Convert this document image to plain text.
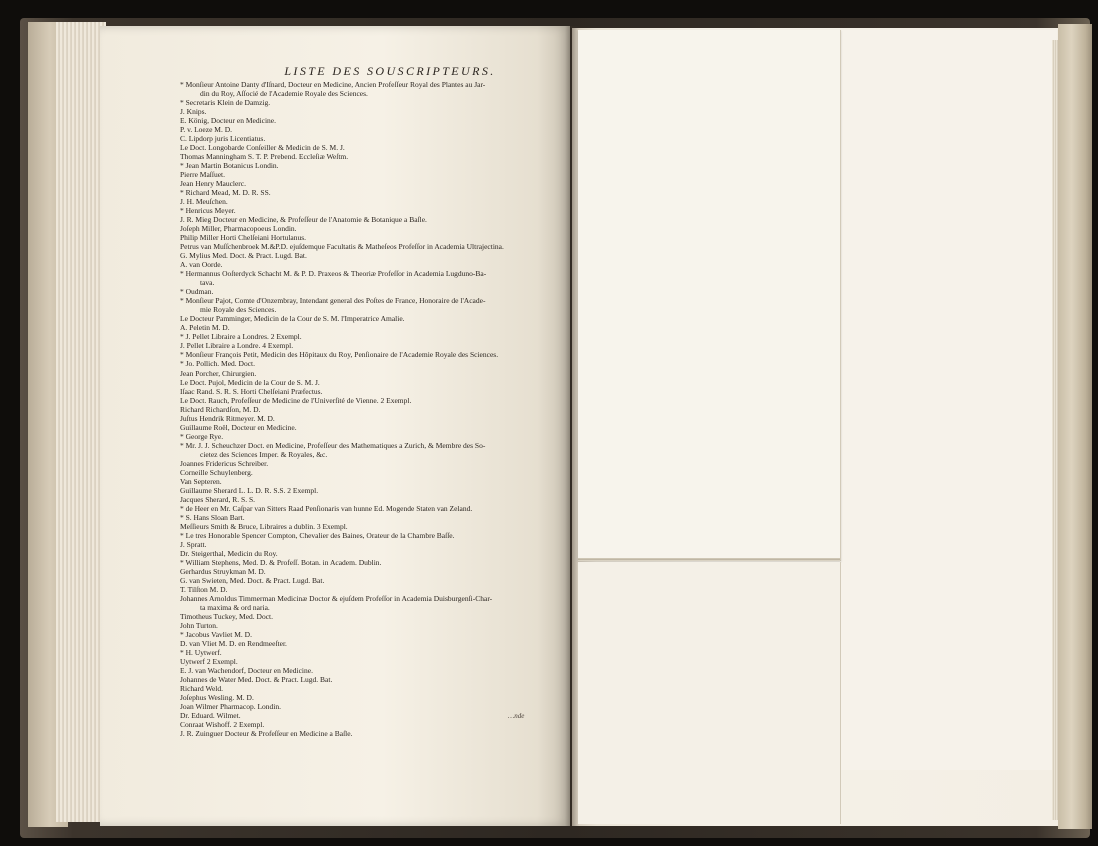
LISTE DES SOUSCRIPTEURS.
* Monſieur Antoine Danty d'Iſnard, Docteur en Medicine, Ancien Profeſſeur Royal des Plantes au Jar-
din du Roy, Aſſocié de l'Academie Royale des Sciences.
* Secretaris Klein de Damzig.
J. Knips.
E. König, Docteur en Medicine.
P. v. Loeze M. D.
C. Lipdorp juris Licentiatus.
Le Doct. Longobarde Conſeiller & Medicin de S. M. J.
Thomas Manningham S. T. P. Prebend. Eccleſiæ Weſtm.
* Jean Martin Botanicus Londin.
Pierre Maſſuet.
Jean Henry Mauclerc.
* Richard Mead, M. D. R. SS.
J. H. Meuſchen.
* Henricus Meyer.
J. R. Mieg Docteur en Medicine, & Profeſſeur de l'Anatomie & Botanique a Baſle.
Joſeph Miller, Pharmacopoeus Londin.
Philip Miller Horti Chelſeiani Hortulanus.
Petrus van Muſſchenbroek M.&P.D. ejuſdemque Facultatis & Matheſeos Profeſſor in Academia Ultrajectina.
G. Mylius Med. Doct. & Pract. Lugd. Bat.
A. van Oorde.
* Hermannus Ooſterdyck Schacht M. & P. D. Praxeos & Theoriæ Profeſſor in Academia Lugduno-Ba-
tava.
* Oudman.
* Monſieur Pajot, Comte d'Onzembray, Intendant general des Poſtes de France, Honoraire de l'Acade-
mie Royale des Sciences.
Le Docteur Pamminger, Medicin de la Cour de S. M. l'Imperatrice Amalie.
A. Peletin M. D.
* J. Pellet Libraire a Londres. 2 Exempl.
J. Pellet Libraire a Londre. 4 Exempl.
* Monſieur François Petit, Medicin des Hôpitaux du Roy, Penſionaire de l'Academie Royale des Sciences.
* Jo. Pollich. Med. Doct.
Jean Porcher, Chirurgien.
Le Doct. Pujol, Medicin de la Cour de S. M. J.
Iſaac Rand. S. R. S. Horti Chelſeiani Præfectus.
Le Doct. Rauch, Profeſſeur de Medicine de l'Univerſité de Vienne. 2 Exempl.
Richard Richardſon, M. D.
Juſtus Hendrik Ritmeyer. M. D.
Guillaume Roël, Docteur en Medicine.
* George Rye.
* Mr. J. J. Scheuchzer Doct. en Medicine, Profeſſeur des Mathematiques a Zurich, & Membre des So-
cietez des Sciences Imper. & Royales, &c.
Joannes Fridericus Schreiber.
Corneille Schuylenberg.
Van Septeren.
Guillaume Sherard L. L. D. R. S.S. 2 Exempl.
Jacques Sherard, R. S. S.
* de Heer en Mr. Caſpar van Sitters Raad Penſionaris van hunne Ed. Mogende Staten van Zeland.
* S. Hans Sloan Bart.
Meſſieurs Smith & Bruce, Libraires a dublin. 3 Exempl.
* Le tres Honorable Spencer Compton, Chevalier des Baines, Orateur de la Chambre Baſſe.
J. Spratt.
Dr. Steigerthal, Medicin du Roy.
* William Stephens, Med. D. & Profeſſ. Botan. in Academ. Dublin.
Gerhardus Struykman M. D.
G. van Swieten, Med. Doct. & Pract. Lugd. Bat.
T. Tilſton M. D.
Johannes Arnoldus Timmerman Medicinæ Doctor & ejuſdem Profeſſor in Academia Duisburgenſi-Char-
ta maxima & ord naria.
Timotheus Tuckey, Med. Doct.
John Turton.
* Jacobus Vavliet M. D.
D. van Vliet M. D. en Rendmeeſter.
* H. Uytwerf.
Uytwerf 2 Exempl.
E. J. van Wachendorf, Docteur en Medicine.
Johannes de Water Med. Doct. & Pract. Lugd. Bat.
Richard Weld.
Joſephus Wesling. M. D.
Joan Wilmer Pharmacop. Londin.
Dr. Eduard. Wilmet.
Conraat Wishoff. 2 Exempl.
J. R. Zuinguer Docteur & Profeſſeur en Medicine a Baſle.
…nde
